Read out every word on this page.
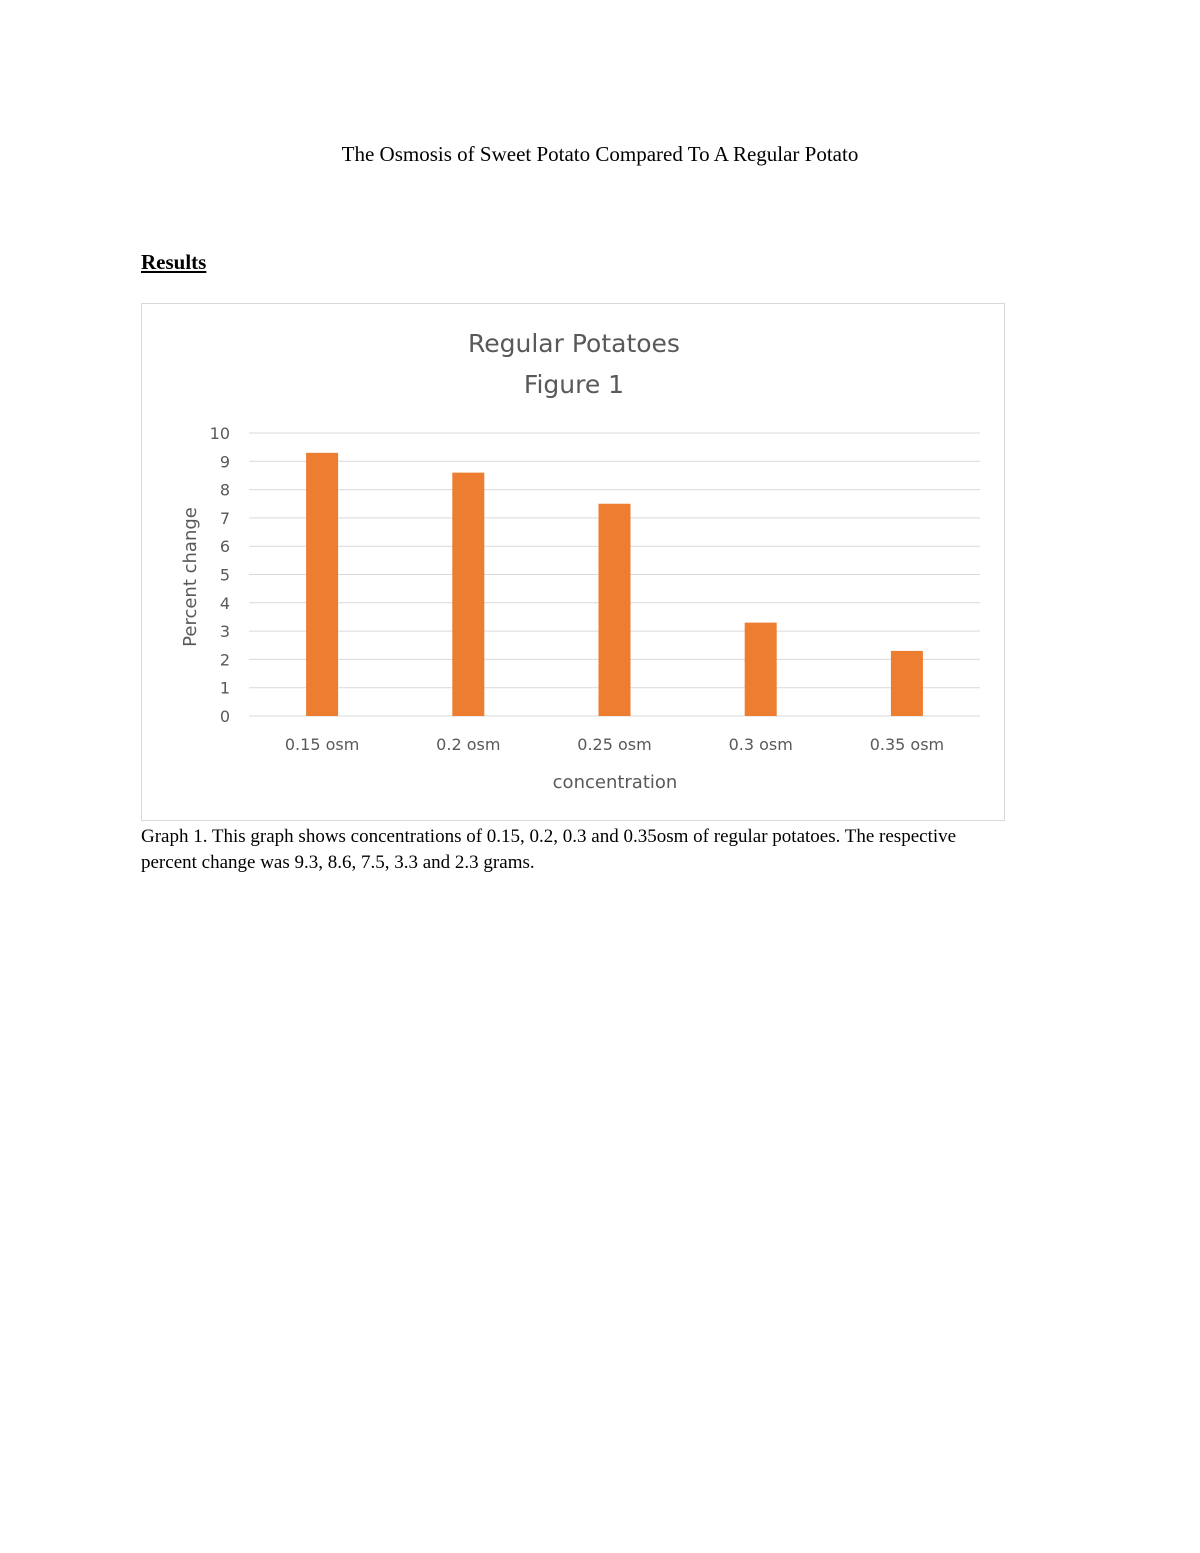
The Osmosis of Sweet Potato Compared To A Regular Potato
Results
Regular Potatoes
Figure 1
0
1
2
3
4
5
6
7
8
9
10
0.15 osm	0.2 osm	0.25 osm	0.3 osm	0.35 osm
concentration
Percent change
Graph 1. This graph shows concentrations of 0.15, 0.2, 0.3 and 0.35osm of regular potatoes. The respective percent change was 9.3, 8.6, 7.5, 3.3 and 2.3 grams.
